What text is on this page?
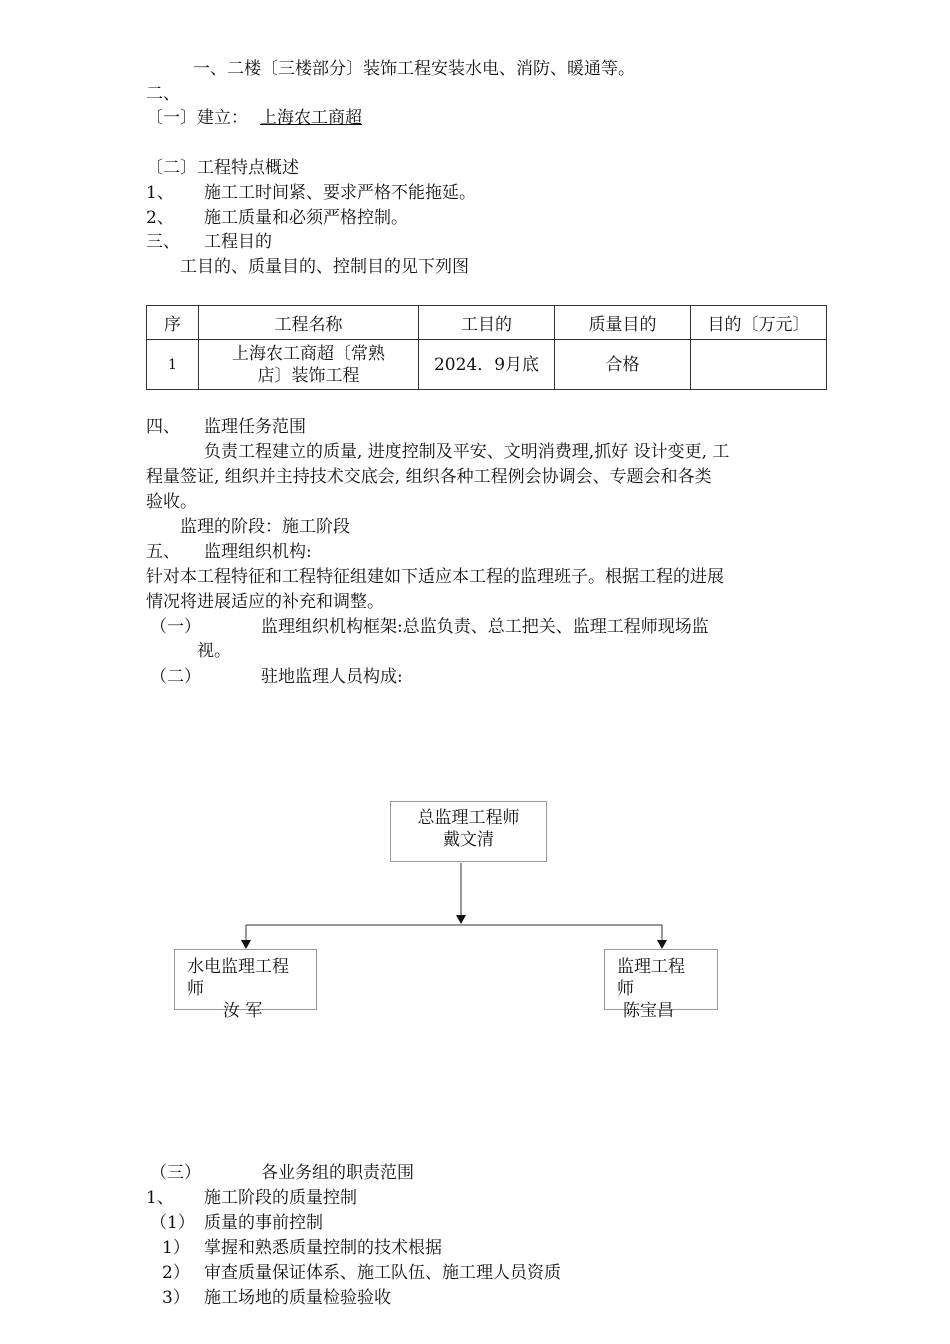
一、二楼〔三楼部分〕装饰工程安装水电、消防、暖通等。
二、
〔一〕建立： 上海农工商超
〔二〕工程特点概述
1、 施工工时间紧、要求严格不能拖延。
2、 施工质量和必须严格控制。
三、 工程目的
工目的、质量目的、控制目的见下列图
序	工程名称	工目的	质量目的	目的〔万元〕
1	上海农工商超〔常熟
店〕装饰工程	2024．9月底	合格	
四、 监理任务范围
负责工程建立的质量, 进度控制及平安、文明消费理,抓好 设计变更, 工
程量签证, 组织并主持技术交底会, 组织各种工程例会协调会、专题会和各类
验收。
监理的阶段：施工阶段
五、 监理组织机构:
针对本工程特征和工程特征组建如下适应本工程的监理班子。根据工程的进展
情况将进展适应的补充和调整。
（一）	监理组织机构框架:总监负责、总工把关、监理工程师现场监
视。
（二）	驻地监理人员构成:
总监理工程师
戴文清
水电监理工程
师
汝 军
监理工程
师
陈宝昌
（三）	各业务组的职责范围
1、 施工阶段的质量控制
（1） 质量的事前控制
1） 掌握和熟悉质量控制的技术根据
2） 审查质量保证体系、施工队伍、施工理人员资质
3） 施工场地的质量检验验收
